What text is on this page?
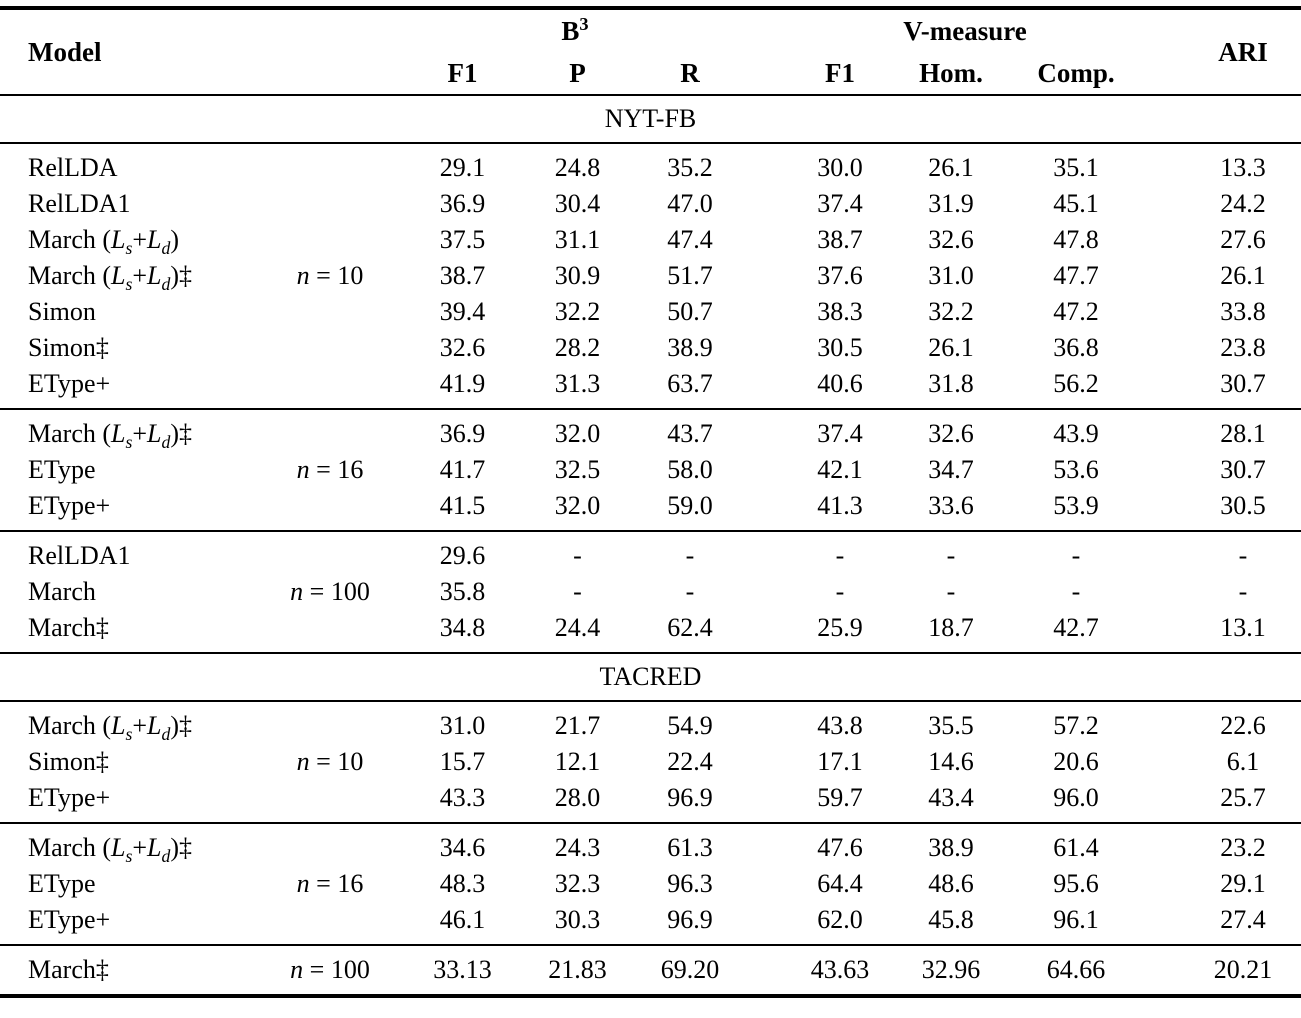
Model
$B^3$	V-measure
ARI
F1	P	R	F1	Hom.	Comp.
NYT-FB
n = 10
RelLDA	29.1	24.8	35.2	30.0	26.1	35.1	13.3
RelLDA1	36.9	30.4	47.0	37.4	31.9	45.1	24.2
March $(L_s+L_d)$	37.5	31.1	47.4	38.7	32.6	47.8	27.6
March $(L_s+L_d)\ddagger$	38.7	30.9	51.7	37.6	31.0	47.7	26.1
Simon	39.4	32.2	50.7	38.3	32.2	47.2	33.8
Simon‡	32.6	28.2	38.9	30.5	26.1	36.8	23.8
EType+	41.9	31.3	63.7	40.6	31.8	56.2	30.7
n = 16
March $(L_s+L_d)\ddagger$	36.9	32.0	43.7	37.4	32.6	43.9	28.1
EType	41.7	32.5	58.0	42.1	34.7	53.6	30.7
EType+	41.5	32.0	59.0	41.3	33.6	53.9	30.5
n = 100
RelLDA1	29.6	-	-	-	-	-	-
March	35.8	-	-	-	-	-	-
March‡	34.8	24.4	62.4	25.9	18.7	42.7	13.1
TACRED
n = 10
March $(L_s+L_d)\ddagger$	31.0	21.7	54.9	43.8	35.5	57.2	22.6
Simon‡	15.7	12.1	22.4	17.1	14.6	20.6	6.1
EType+	43.3	28.0	96.9	59.7	43.4	96.0	25.7
n = 16
March $(L_s+L_d)\ddagger$	34.6	24.3	61.3	47.6	38.9	61.4	23.2
EType	48.3	32.3	96.3	64.4	48.6	95.6	29.1
EType+	46.1	30.3	96.9	62.0	45.8	96.1	27.4
n = 100
March‡	33.13	21.83	69.20	43.63	32.96	64.66	20.21
